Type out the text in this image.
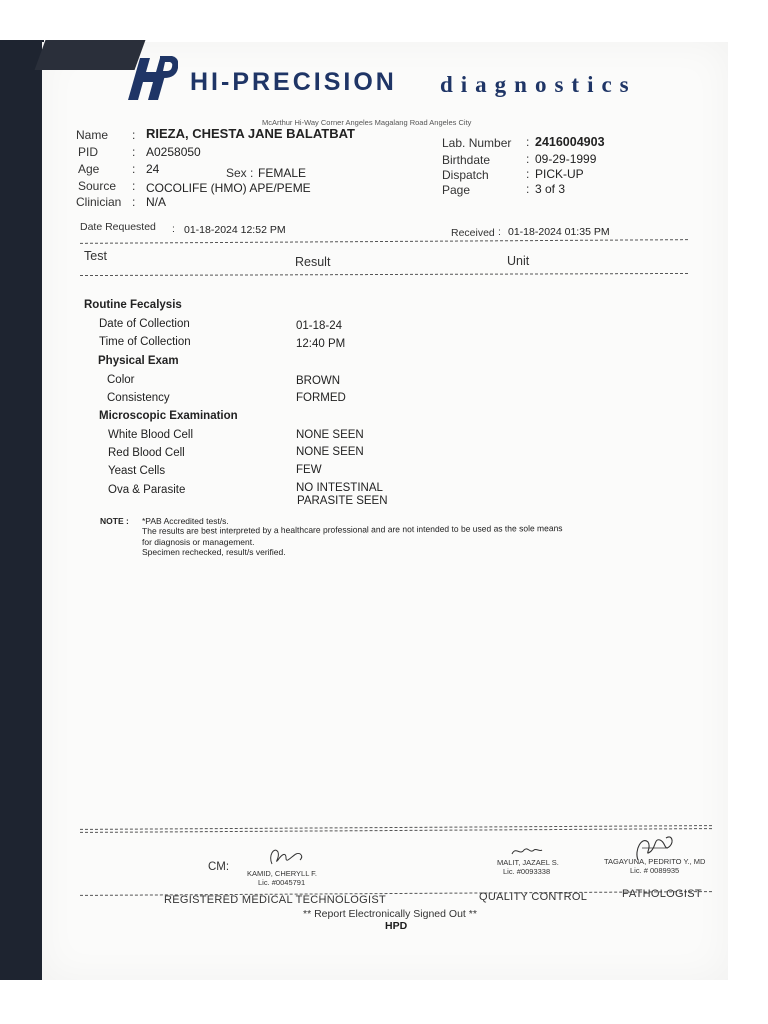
HI-PRECISION diagnostics
McArthur Hi-Way Corner Angeles Magalang Road Angeles City
Name : RIEZA, CHESTA JANE BALATBAT
PID	: A0258050
Age	: 24	Sex : FEMALE
Source : COCOLIFE (HMO) APE/PEME
Clinician : N/A
Lab. Number : 2416004903
Birthdate	: 09-29-1999
Dispatch	: PICK-UP
Page	: 3 of 3
Date Requested : 01-18-2024 12:52 PM	Received : 01-18-2024 01:35 PM
Test	Result	Unit
Routine Fecalysis
Date of Collection	01-18-24
Time of Collection	12:40 PM
Physical Exam
Color	BROWN
Consistency	FORMED
Microscopic Examination
White Blood Cell	NONE SEEN
Red Blood Cell	NONE SEEN
Yeast Cells	FEW
Ova & Parasite	NO INTESTINAL
PARASITE SEEN
NOTE : *PAB Accredited test/s.
The results are best interpreted by a healthcare professional and are not intended to be used as the sole means
for diagnosis or management.
Specimen rechecked, result/s verified.
CM:
KAMID, CHERYLL F.
Lic. #0045791
MALIT, JAZAEL S.
Lic. #0093338
TAGAYUNA, PEDRITO Y., MD
Lic. # 0089935
REGISTERED MEDICAL TECHNOLOGIST	QUALITY CONTROL	PATHOLOGIST
** Report Electronically Signed Out **
HPD
